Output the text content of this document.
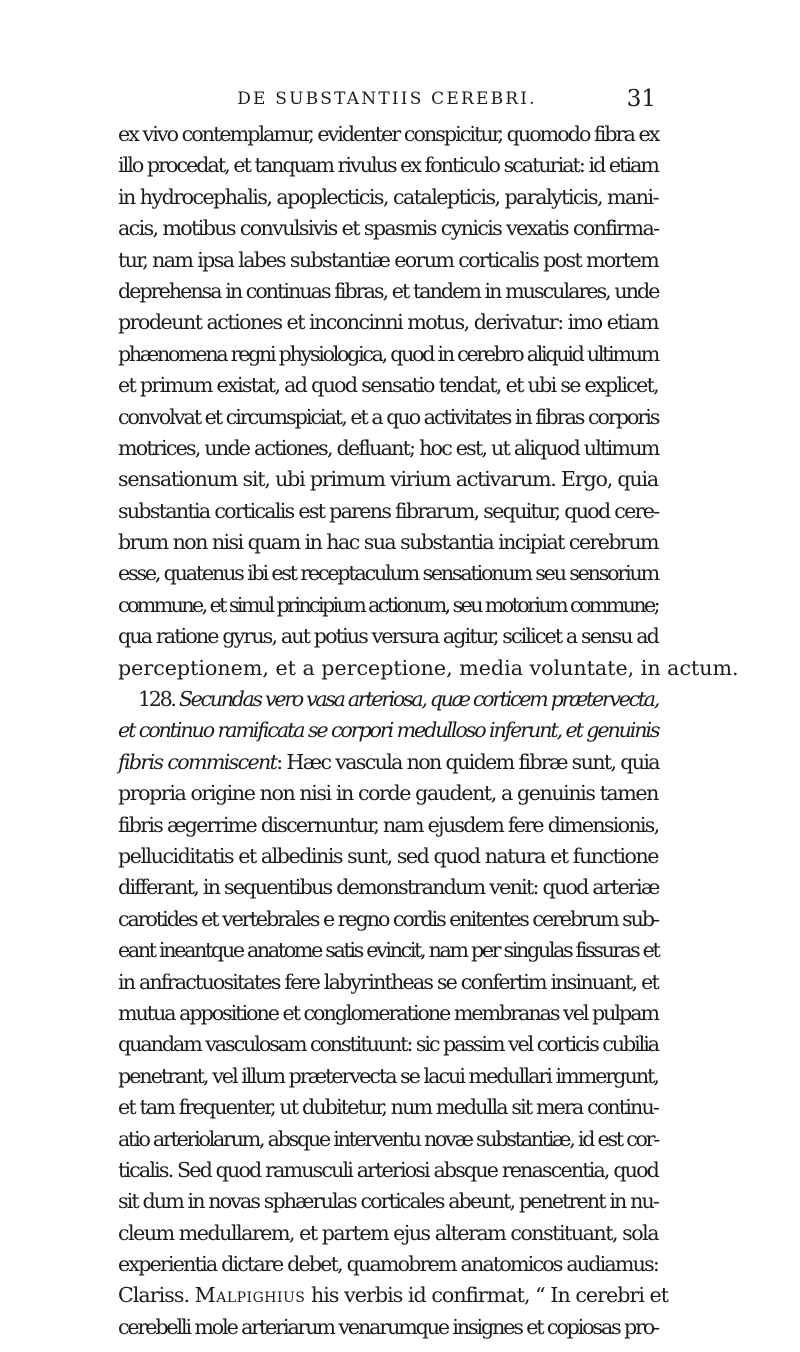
DE SUBSTANTIIS CEREBRI.	31
ex vivo contemplamur, evidenter conspicitur, quomodo fibra ex
illo procedat, et tanquam rivulus ex fonticulo scaturiat: id etiam
in hydrocephalis, apoplecticis, catalepticis, paralyticis, mani-
acis, motibus convulsivis et spasmis cynicis vexatis confirma-
tur, nam ipsa labes substantiæ eorum corticalis post mortem
deprehensa in continuas fibras, et tandem in musculares, unde
prodeunt actiones et inconcinni motus, derivatur: imo etiam
phænomena regni physiologica, quod in cerebro aliquid ultimum
et primum existat, ad quod sensatio tendat, et ubi se explicet,
convolvat et circumspiciat, et a quo activitates in fibras corporis
motrices, unde actiones, defluant; hoc est, ut aliquod ultimum
sensationum sit, ubi primum virium activarum. Ergo, quia
substantia corticalis est parens fibrarum, sequitur, quod cere-
brum non nisi quam in hac sua substantia incipiat cerebrum
esse, quatenus ibi est receptaculum sensationum seu sensorium
commune, et simul principium actionum, seu motorium commune;
qua ratione gyrus, aut potius versura agitur, scilicet a sensu ad
perceptionem, et a perceptione, media voluntate, in actum.
128. Secundas vero vasa arteriosa, quæ corticem prætervecta,
et continuo ramificata se corpori medulloso inferunt, et genuinis
fibris commiscent: Hæc vascula non quidem fibræ sunt, quia
propria origine non nisi in corde gaudent, a genuinis tamen
fibris ægerrime discernuntur, nam ejusdem fere dimensionis,
pelluciditatis et albedinis sunt, sed quod natura et functione
differant, in sequentibus demonstrandum venit: quod arteriæ
carotides et vertebrales e regno cordis enitentes cerebrum sub-
eant ineantque anatome satis evincit, nam per singulas fissuras et
in anfractuositates fere labyrintheas se confertim insinuant, et
mutua appositione et conglomeratione membranas vel pulpam
quandam vasculosam constituunt: sic passim vel corticis cubilia
penetrant, vel illum prætervecta se lacui medullari immergunt,
et tam frequenter, ut dubitetur, num medulla sit mera continu-
atio arteriolarum, absque interventu novæ substantiæ, id est cor-
ticalis. Sed quod ramusculi arteriosi absque renascentia, quod
sit dum in novas sphærulas corticales abeunt, penetrent in nu-
cleum medullarem, et partem ejus alteram constituant, sola
experientia dictare debet, quamobrem anatomicos audiamus:
Clariss. Malpighius his verbis id confirmat, “ In cerebri et
cerebelli mole arteriarum venarumque insignes et copiosas pro-
